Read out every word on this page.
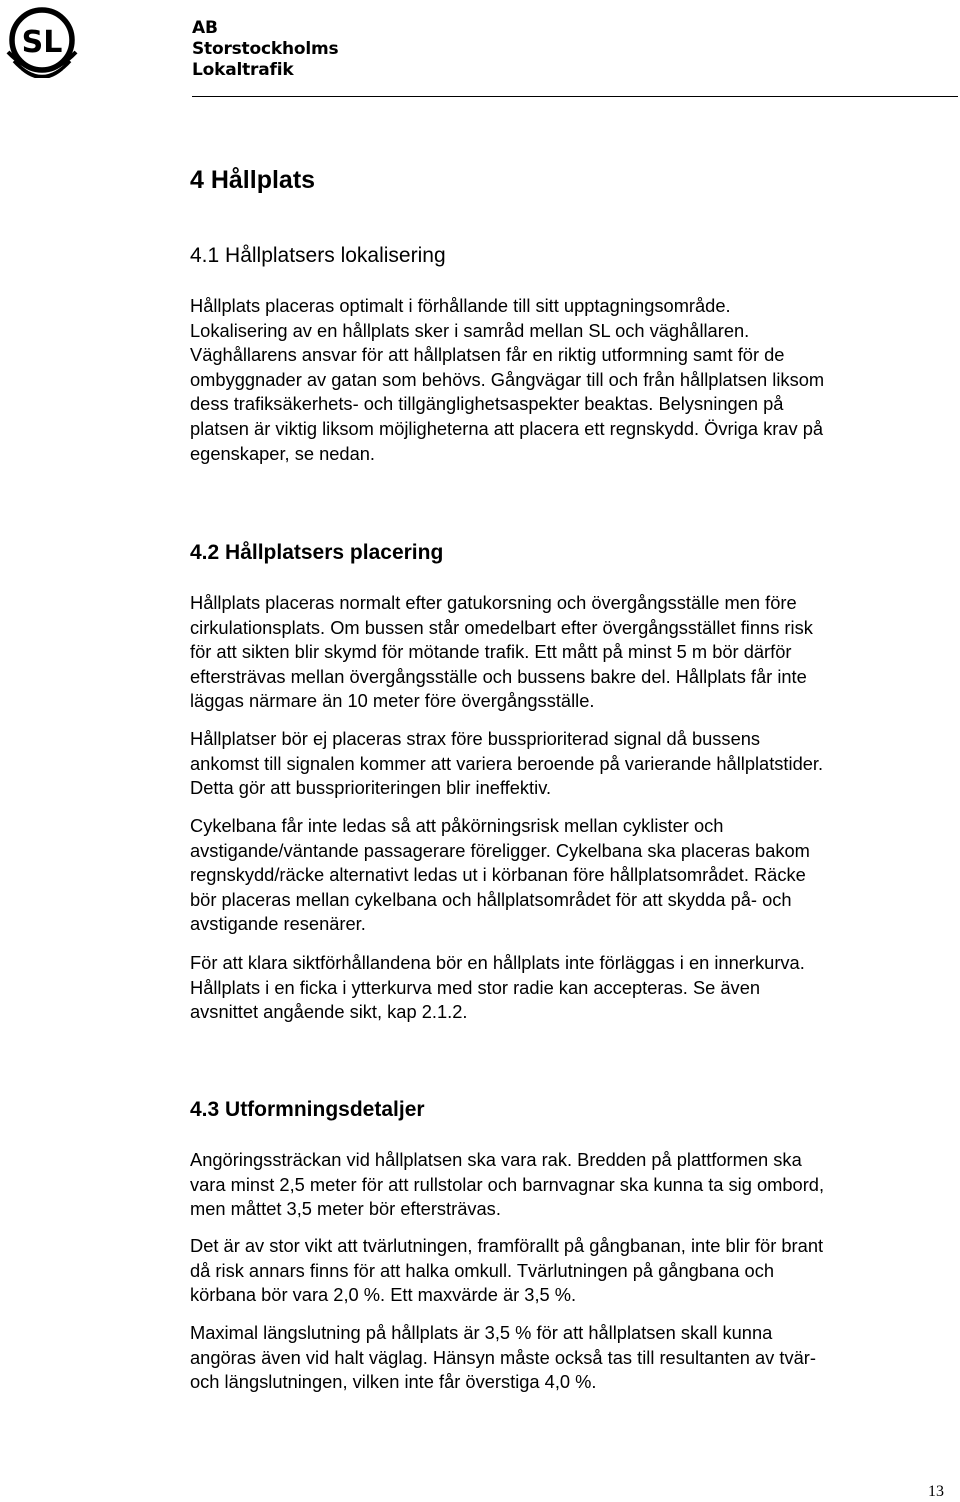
SL	AB
Storstockholms
Lokaltrafik
4 Hållplats
4.1 Hållplatsers lokalisering
Hållplats placeras optimalt i förhållande till sitt upptagningsområde.
Lokalisering av en hållplats sker i samråd mellan SL och väghållaren.
Väghållarens ansvar för att hållplatsen får en riktig utformning samt för de
ombyggnader av gatan som behövs. Gångvägar till och från hållplatsen liksom
dess trafiksäkerhets- och tillgänglighetsaspekter beaktas. Belysningen på
platsen är viktig liksom möjligheterna att placera ett regnskydd. Övriga krav på
egenskaper, se nedan.
4.2 Hållplatsers placering
Hållplats placeras normalt efter gatukorsning och övergångsställe men före
cirkulationsplats. Om bussen står omedelbart efter övergångsstället finns risk
för att sikten blir skymd för mötande trafik. Ett mått på minst 5 m bör därför
eftersträvas mellan övergångsställe och bussens bakre del. Hållplats får inte
läggas närmare än 10 meter före övergångsställe.
Hållplatser bör ej placeras strax före bussprioriterad signal då bussens
ankomst till signalen kommer att variera beroende på varierande hållplatstider.
Detta gör att bussprioriteringen blir ineffektiv.
Cykelbana får inte ledas så att påkörningsrisk mellan cyklister och
avstigande/väntande passagerare föreligger. Cykelbana ska placeras bakom
regnskydd/räcke alternativt ledas ut i körbanan före hållplatsområdet. Räcke
bör placeras mellan cykelbana och hållplatsområdet för att skydda på- och
avstigande resenärer.
För att klara siktförhållandena bör en hållplats inte förläggas i en innerkurva.
Hållplats i en ficka i ytterkurva med stor radie kan accepteras. Se även
avsnittet angående sikt, kap 2.1.2.
4.3 Utformningsdetaljer
Angöringssträckan vid hållplatsen ska vara rak. Bredden på plattformen ska
vara minst 2,5 meter för att rullstolar och barnvagnar ska kunna ta sig ombord,
men måttet 3,5 meter bör eftersträvas.
Det är av stor vikt att tvärlutningen, framförallt på gångbanan, inte blir för brant
då risk annars finns för att halka omkull. Tvärlutningen på gångbana och
körbana bör vara 2,0 %. Ett maxvärde är 3,5 %.
Maximal längslutning på hållplats är 3,5 % för att hållplatsen skall kunna
angöras även vid halt väglag. Hänsyn måste också tas till resultanten av tvär-
och längslutningen, vilken inte får överstiga 4,0 %.
13
